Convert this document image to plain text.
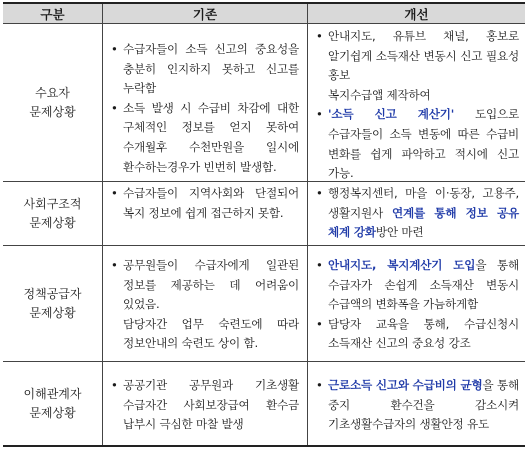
구분	기존	개선
수요자
문제상황
• 수급자들이 소득 신고의 중요성을 충분히 인지하지 못하고 신고를 누락함
• 소득 발생 시 수급비 차감에 대한 구체적인 정보를 얻지 못하여 수개월후 수천만원을 일시에 환수하는경우가 빈번히 발생함.
• 안내지도, 유튜브 채널, 홍보로 알기쉽게 소득재산 변동시 신고 필요성 홍보
복지수급앱 제작하여
• '소득 신고 계산기' 도입으로 수급자들이 소득 변동에 따른 수급비 변화를 쉽게 파악하고 적시에 신고 가능.
사회구조적
문제상황
• 수급자들이 지역사회와 단절되어 복지 정보에 쉽게 접근하지 못함.
• 행정복지센터, 마을 이·동장, 고용주, 생활지원사 연계를 통해 정보 공유 체계 강화방안 마련
정책공급자
문제상황
• 공무원들이 수급자에게 일관된 정보를 제공하는 데 어려움이 있었음.
담당자간 업무 숙련도에 따라 정보안내의 숙련도 상이 함.
• 안내지도, 복지계산기 도입을 통해 수급자가 손쉽게 소득재산 변동시 수급액의 변화폭을 가늠하게함
• 담당자 교육을 통해, 수급신청시 소득재산 신고의 중요성 강조
이해관계자
문제상황
• 공공기관 공무원과 기초생활 수급자간 사회보장급여 환수금 납부시 극심한 마찰 발생
• 근로소득 신고와 수급비의 균형을 통해 중지 환수건을 감소시켜 기초생활수급자의 생활안정 유도
